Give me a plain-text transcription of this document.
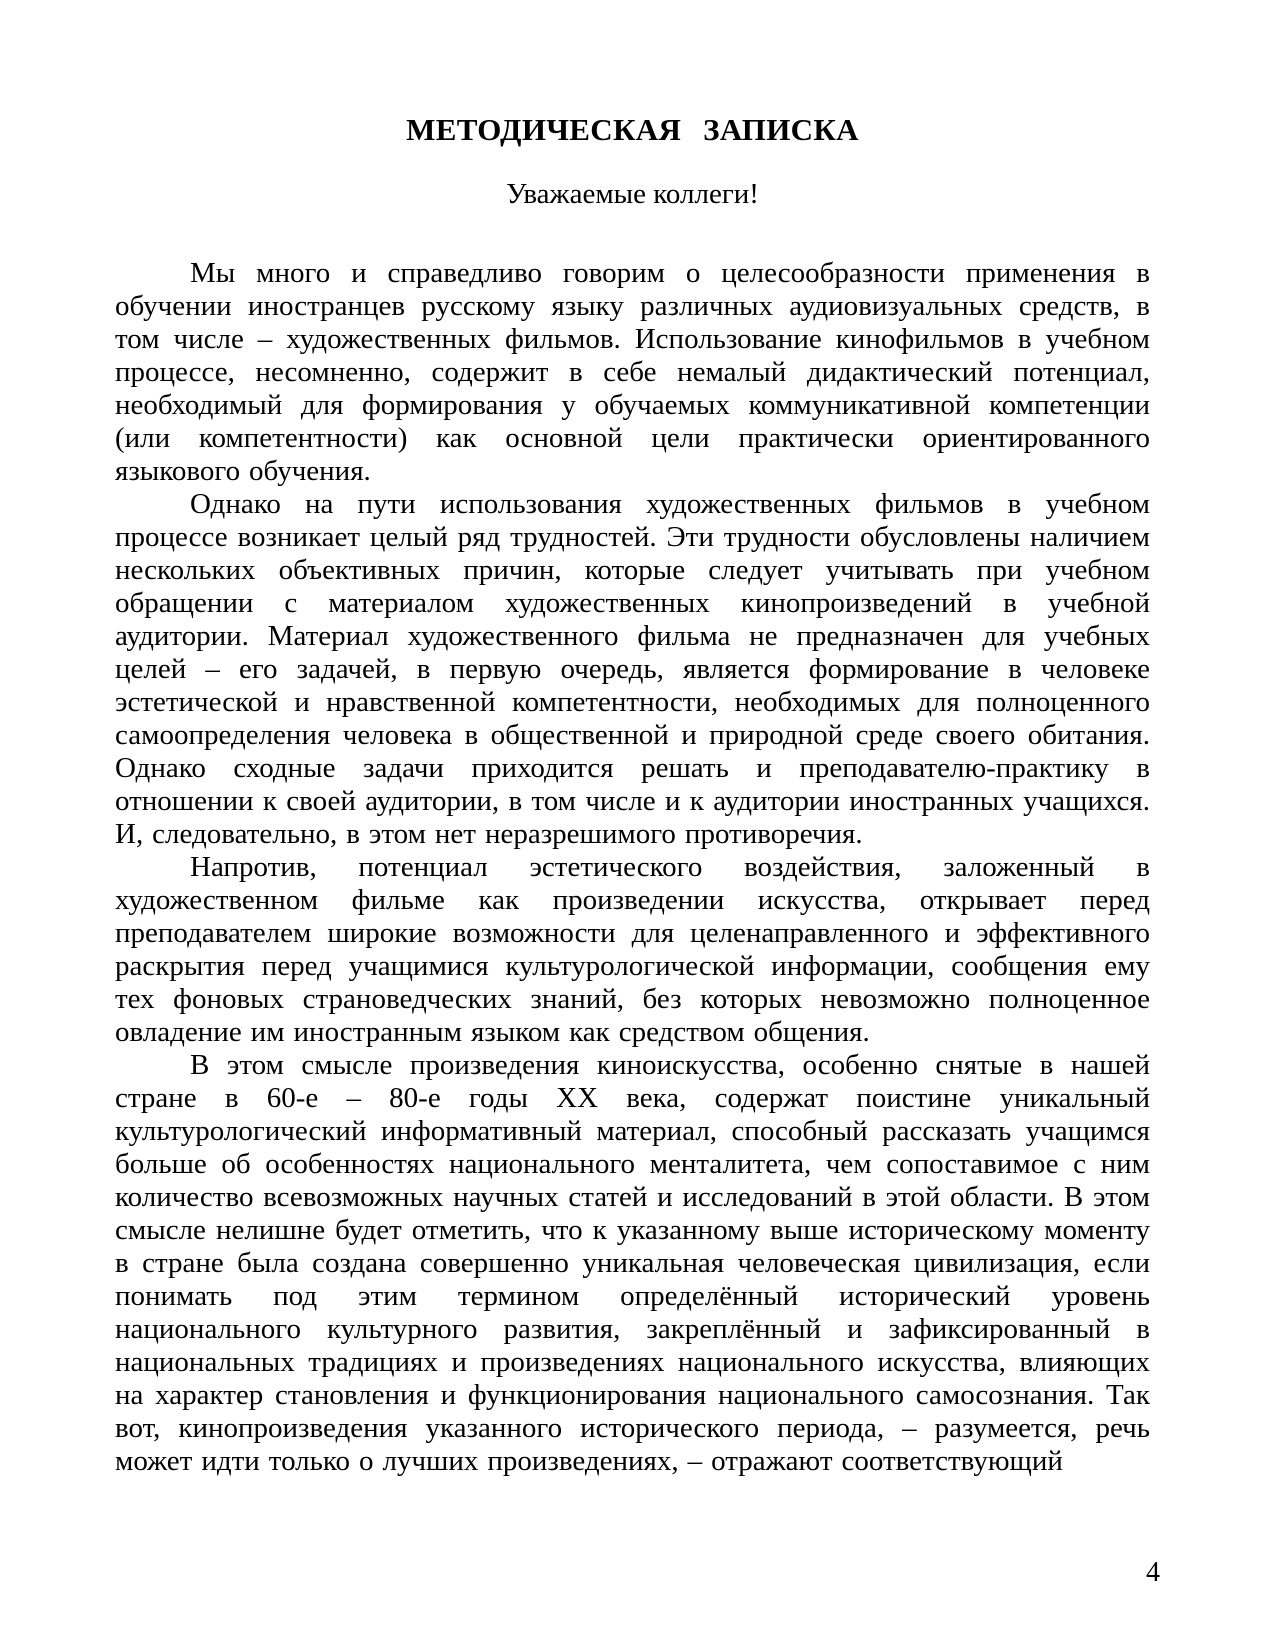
МЕТОДИЧЕСКАЯ ЗАПИСКА

Уважаемые коллеги!

Мы много и справедливо говорим о целесообразности применения в обучении иностранцев русскому языку различных аудиовизуальных средств, в том числе – художественных фильмов. Использование кинофильмов в учебном процессе, несомненно, содержит в себе немалый дидактический потенциал, необходимый для формирования у обучаемых коммуникативной компетенции (или компетентности) как основной цели практически ориентированного языкового обучения.

Однако на пути использования художественных фильмов в учебном процессе возникает целый ряд трудностей. Эти трудности обусловлены наличием нескольких объективных причин, которые следует учитывать при учебном обращении с материалом художественных кинопроизведений в учебной аудитории. Материал художественного фильма не предназначен для учебных целей – его задачей, в первую очередь, является формирование в человеке эстетической и нравственной компетентности, необходимых для полноценного самоопределения человека в общественной и природной среде своего обитания. Однако сходные задачи приходится решать и преподавателю-практику в отношении к своей аудитории, в том числе и к аудитории иностранных учащихся. И, следовательно, в этом нет неразрешимого противоречия.

Напротив, потенциал эстетического воздействия, заложенный в художественном фильме как произведении искусства, открывает перед преподавателем широкие возможности для целенаправленного и эффективного раскрытия перед учащимися культурологической информации, сообщения ему тех фоновых страноведческих знаний, без которых невозможно полноценное овладение им иностранным языком как средством общения.

В этом смысле произведения киноискусства, особенно снятые в нашей стране в 60-е – 80-е годы XX века, содержат поистине уникальный культурологический информативный материал, способный рассказать учащимся больше об особенностях национального менталитета, чем сопоставимое с ним количество всевозможных научных статей и исследований в этой области. В этом смысле нелишне будет отметить, что к указанному выше историческому моменту в стране была создана совершенно уникальная человеческая цивилизация, если понимать под этим термином определённый исторический уровень национального культурного развития, закреплённый и зафиксированный в национальных традициях и произведениях национального искусства, влияющих на характер становления и функционирования национального самосознания. Так вот, кинопроизведения указанного исторического периода, – разумеется, речь может идти только о лучших произведениях, – отражают соответствующий

4
